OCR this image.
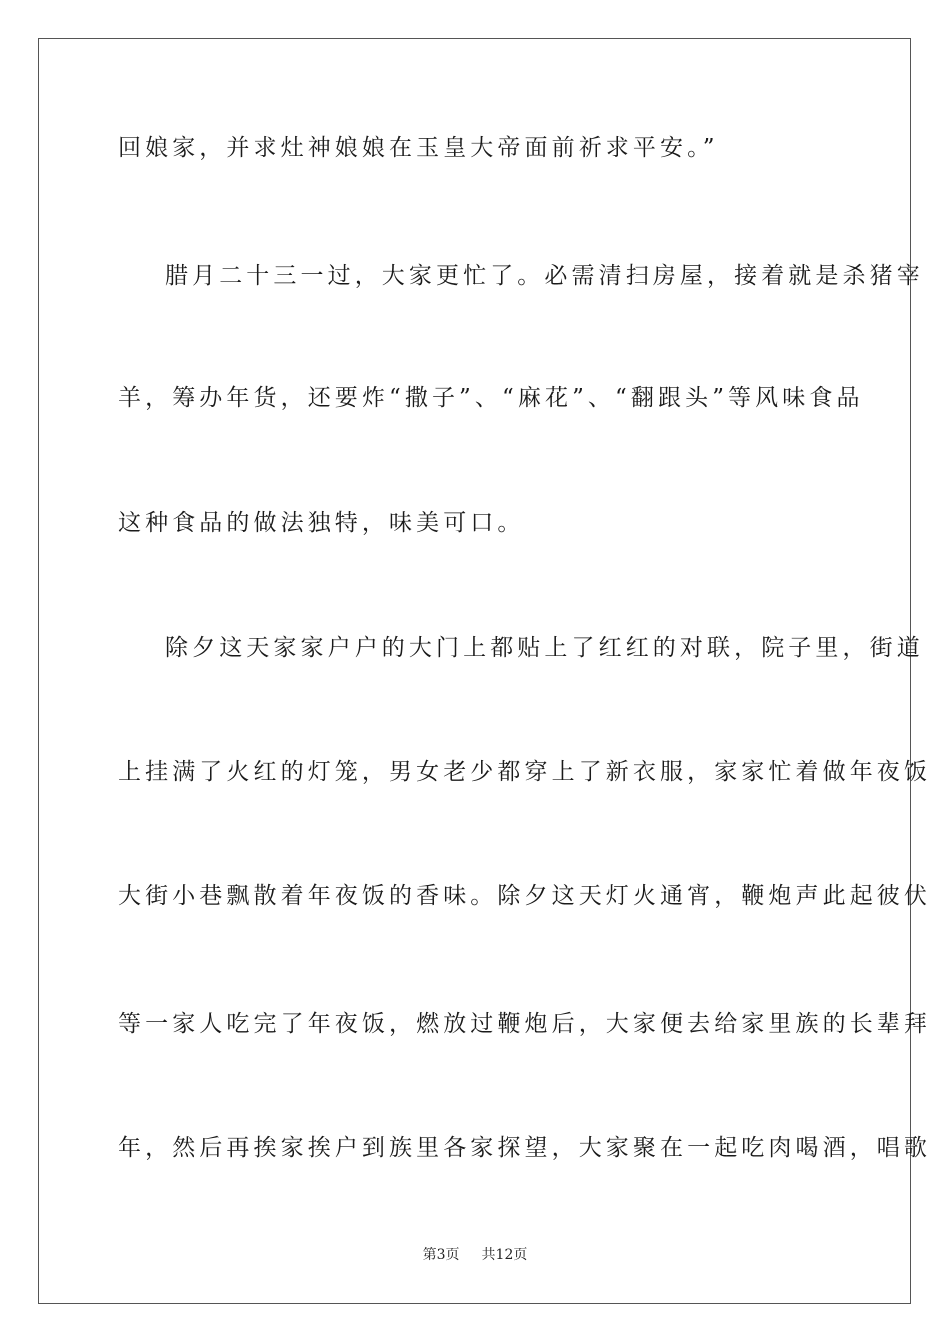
回娘家，并求灶神娘娘在玉皇大帝面前祈求平安。”
腊月二十三一过，大家更忙了。必需清扫房屋，接着就是杀猪宰
羊，筹办年货，还要炸“撒子”、“麻花”、“翻跟头”等风味食品
这种食品的做法独特，味美可口。
除夕这天家家户户的大门上都贴上了红红的对联，院子里，街道
上挂满了火红的灯笼，男女老少都穿上了新衣服，家家忙着做年夜饭
大街小巷飘散着年夜饭的香味。除夕这天灯火通宵，鞭炮声此起彼伏
等一家人吃完了年夜饭，燃放过鞭炮后，大家便去给家里族的长辈拜
年，然后再挨家挨户到族里各家探望，大家聚在一起吃肉喝酒，唱歌
第3页 共12页
